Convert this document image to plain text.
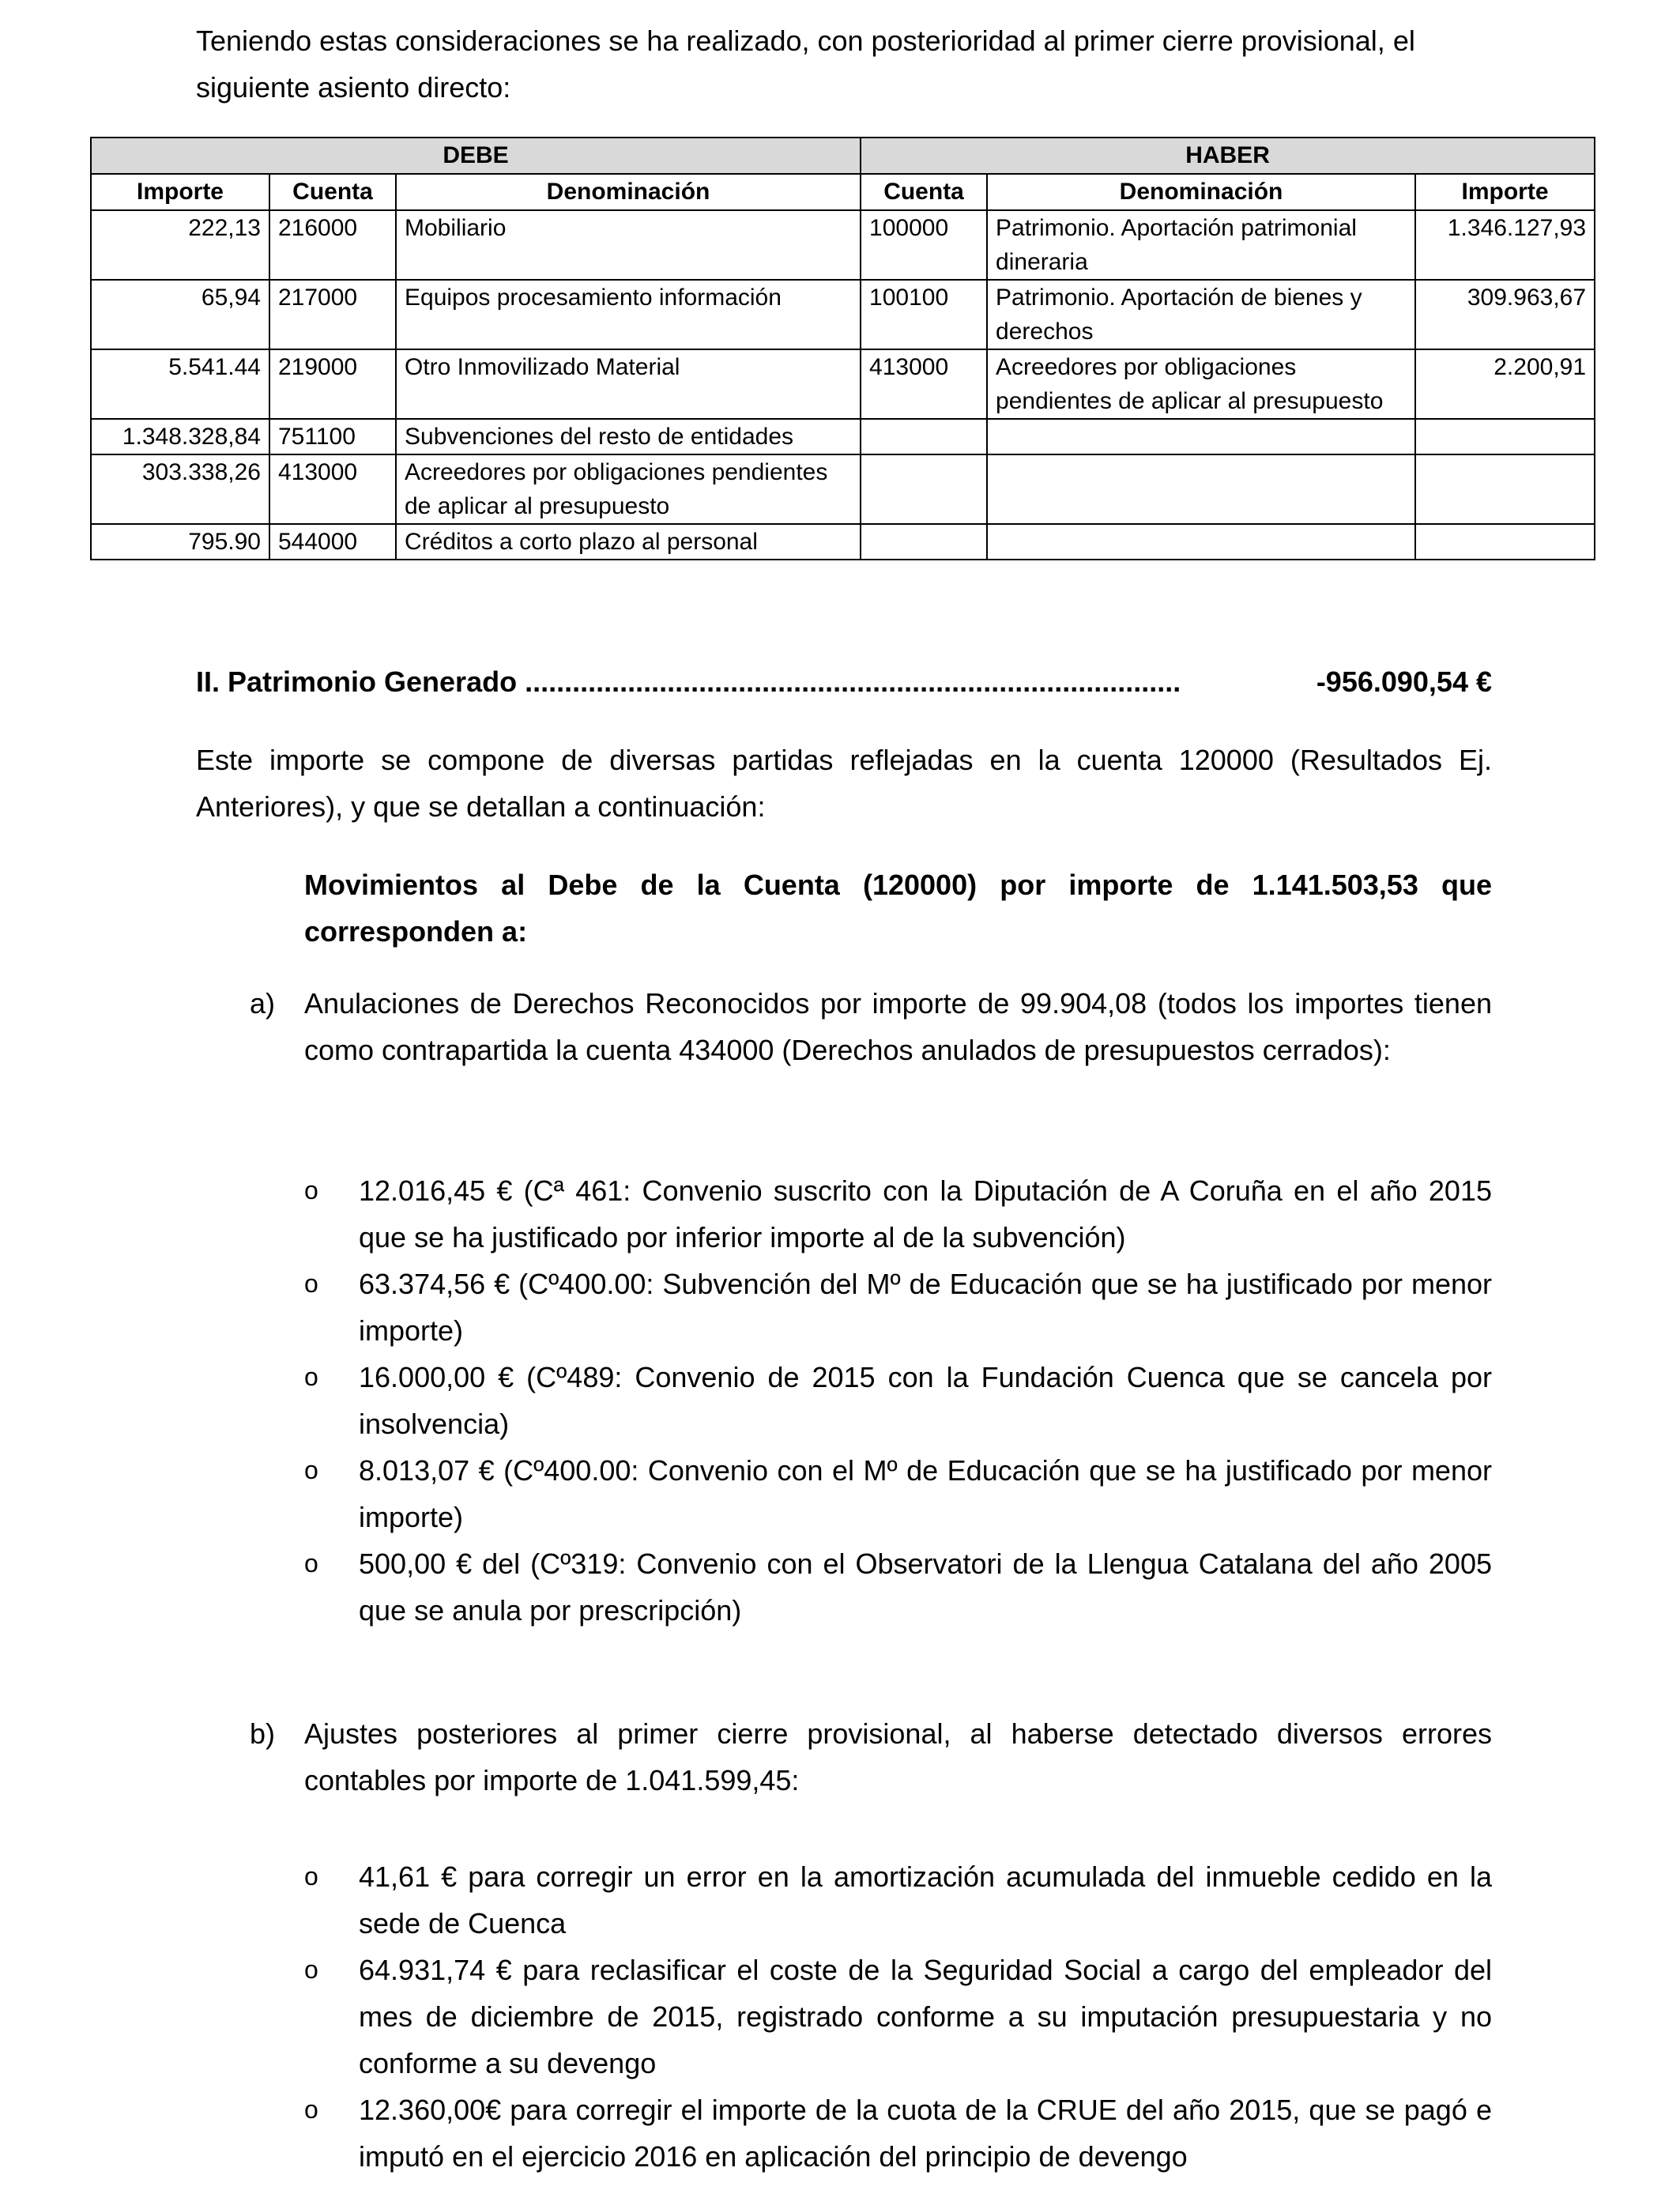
Teniendo estas consideraciones se ha realizado, con posterioridad al primer cierre provisional, el siguiente asiento directo:

DEBE			HABER		
Importe	Cuenta	Denominación	Cuenta	Denominación	Importe
222,13	216000	Mobiliario	100000	Patrimonio. Aportación patrimonial dineraria	1.346.127,93
65,94	217000	Equipos procesamiento información	100100	Patrimonio. Aportación de bienes y derechos	309.963,67
5.541.44	219000	Otro Inmovilizado Material	413000	Acreedores por obligaciones pendientes de aplicar al presupuesto	2.200,91
1.348.328,84	751100	Subvenciones del resto de entidades			
303.338,26	413000	Acreedores por obligaciones pendientes de aplicar al presupuesto			
795.90	544000	Créditos a corto plazo al personal			
II. Patrimonio Generado ...................................................................................	-956.090,54 €

Este importe se compone de diversas partidas reflejadas en la cuenta 120000 (Resultados Ej. Anteriores), y que se detallan a continuación:

Movimientos al Debe de la Cuenta (120000) por importe de 1.141.503,53 que corresponden a:

a) Anulaciones de Derechos Reconocidos por importe de 99.904,08 (todos los importes tienen como contrapartida la cuenta 434000 (Derechos anulados de presupuestos cerrados):
o 12.016,45 € (Cª 461: Convenio suscrito con la Diputación de A Coruña en el año 2015 que se ha justificado por inferior importe al de la subvención)
o 63.374,56 € (Cº400.00: Subvención del Mº de Educación que se ha justificado por menor importe)
o 16.000,00 € (Cº489: Convenio de 2015 con la Fundación Cuenca que se cancela por insolvencia)
o 8.013,07 € (Cº400.00: Convenio con el Mº de Educación que se ha justificado por menor importe)
o 500,00 € del (Cº319: Convenio con el Observatori de la Llengua Catalana del año 2005 que se anula por prescripción)
b) Ajustes posteriores al primer cierre provisional, al haberse detectado diversos errores contables por importe de 1.041.599,45:
o 41,61 € para corregir un error en la amortización acumulada del inmueble cedido en la sede de Cuenca
o 64.931,74 € para reclasificar el coste de la Seguridad Social a cargo del empleador del mes de diciembre de 2015, registrado conforme a su imputación presupuestaria y no conforme a su devengo
o 12.360,00€ para corregir el importe de la cuota de la CRUE del año 2015, que se pagó e imputó en el ejercicio 2016 en aplicación del principio de devengo
